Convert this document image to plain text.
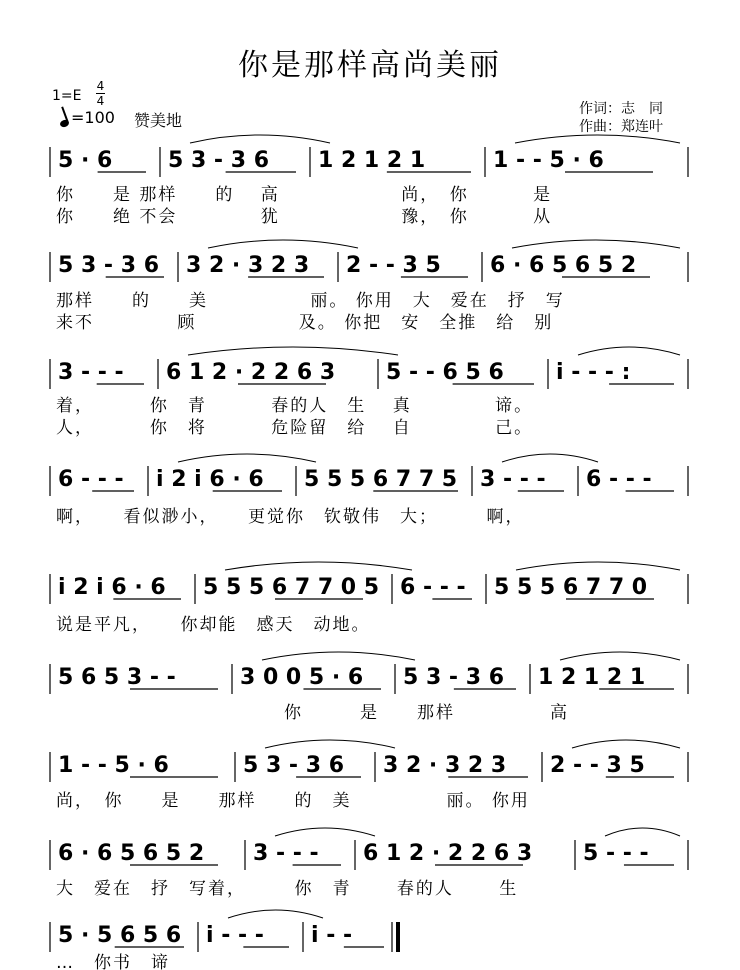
你是那样高尚美丽
1=E
4
4
=100 赞美地
作词：志　同
作曲：郑连叶
5 · 6	5 3 - 3 6 1 2 1 2 1	1 - - 5 · 6
你　　是 那样　　的　 高　　　　　　 尚，　你　　　 是
你　　绝 不会　　　　 犹　　　　　　 豫，　你　　　 从
5 3 - 3 6 3 2 · 3 2 3 2 - - 3 5 6 · 6 5 6 5 2
那样　　的　　美　　　　　 丽。 你用　大　爱在　抒　写
来不　　　　 顾　　　　　 及。 你把　安　全推　给　别
3 - - - 6 1 2 · 2 2 6 3 5 - - 6 5 6 i - - - :
着，　　　 你　青　　　 春的人　生　 真　　　　 谛。
人，　　　 你　将　　　 危险留　给　 自　　　　 己。
6 - - - i 2 i 6 · 6 5 5 5 6 7 7 5 3 - - - 6 - - -
啊，　　看似渺小，　　更觉你　钦敬伟　大；　　　啊，
i 2 i 6 · 6 5 5 5 6 7 7 0 5 6 - - - 5 5 5 6 7 7 0
说是平凡，　　你却能　感天　动地。
5 6 5 3 - -	3 0 0 5 · 6 5 3 - 3 6 1 2 1 2 1
　　　　　　　　　　　　你　　　是　　那样　　　　　高
1 - - 5 · 6	5 3 - 3 6 3 2 · 3 2 3 2 - - 3 5
尚，　你　　是　　那样　　的　美　　　　　丽。 你用
6 · 6 5 6 5 2 3 - - - 6 1 2 · 2 2 6 3 5 - - -
大　爱在　抒　写着，　　　你　青　　 春的人　　 生
5 · 5 6 5 6 i - - - i - -
…　你书　谛
